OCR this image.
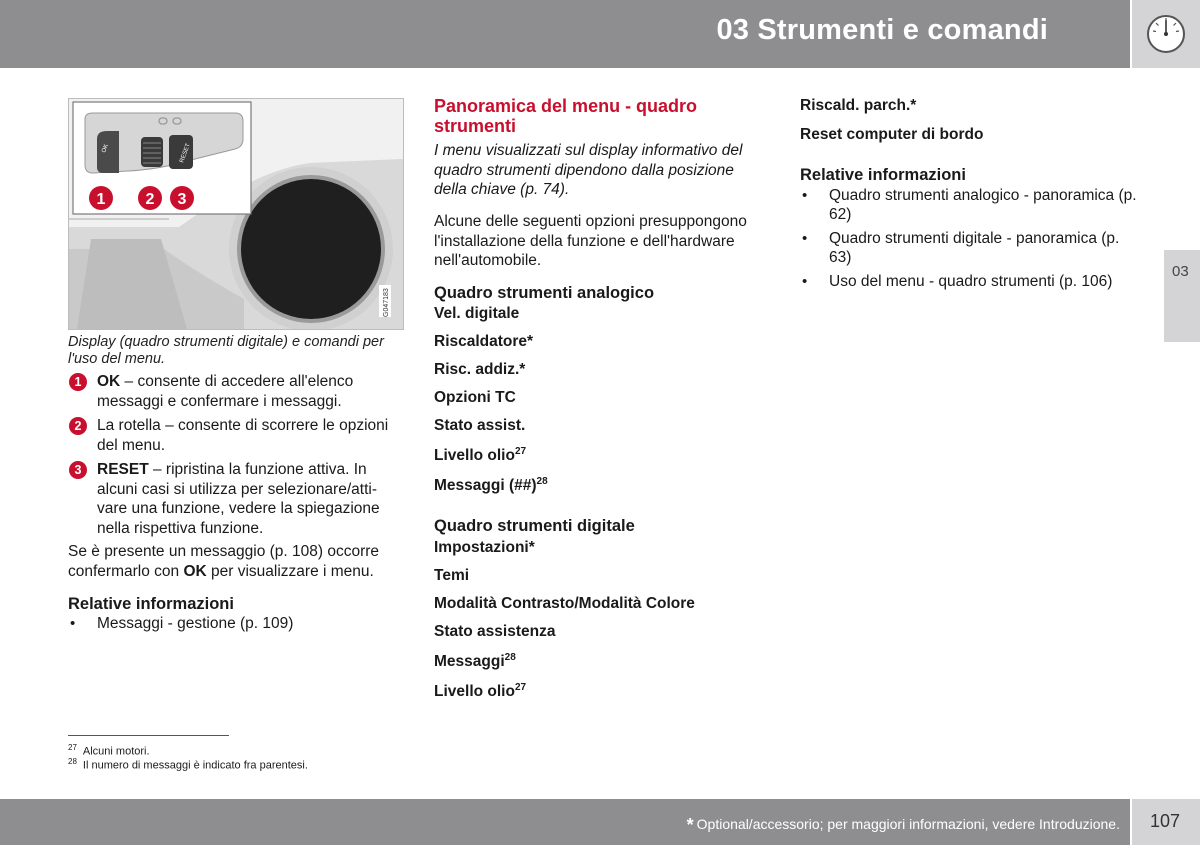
03 Strumenti e comandi
03
OK	RESET
1	2 3
G047183
Display (quadro strumenti digitale) e comandi per l'uso del menu.
1	OK – consente di accedere all'elenco messaggi e confermare i messaggi.
2	La rotella – consente di scorrere le opzioni del menu.
3	RESET – ripristina la funzione attiva. In alcuni casi si utilizza per selezionare/atti-vare una funzione, vedere la spiegazione nella rispettiva funzione.

Se è presente un messaggio (p. 108) occorre confermarlo con OK per visualizzare i menu.

Relative informazioni
• Messaggi - gestione (p. 109)
Panoramica del menu - quadro strumenti
I menu visualizzati sul display informativo del quadro strumenti dipendono dalla posizione della chiave (p. 74).
Alcune delle seguenti opzioni presuppongono l'installazione della funzione e dell'hardware nell'automobile.
Quadro strumenti analogico

Vel. digitale

Riscaldatore*

Risc. addiz.*

Opzioni TC

Stato assist.

Livello olio$^{27}$

Messaggi (##)$^{28}$

Quadro strumenti digitale

Impostazioni*

Temi

Modalità Contrasto/Modalità Colore

Stato assistenza

Messaggi$^{28}$

Livello olio$^{27}$

Riscald. parch.*

Reset computer di bordo

Relative informazioni
• Quadro strumenti analogico - panoramica (p. 62)
• Quadro strumenti digitale - panoramica (p. 63)
• Uso del menu - quadro strumenti (p. 106)
$^{27}$ Alcuni motori.
$^{28}$ Il numero di messaggi è indicato fra parentesi.
* Optional/accessorio; per maggiori informazioni, vedere Introduzione. 107
